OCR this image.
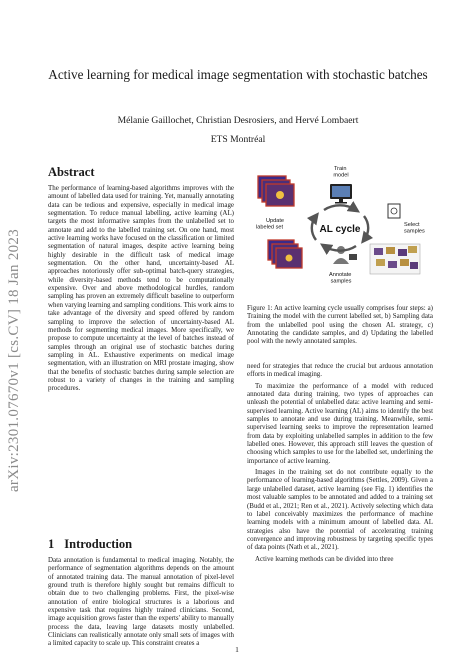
arXiv:2301.07670v1 [cs.CV] 18 Jan 2023
Active learning for medical image segmentation with stochastic batches
Mélanie Gaillochet, Christian Desrosiers, and Hervé Lombaert
ETS Montréal
Abstract

The performance of learning-based algorithms improves with the amount of labelled data used for training. Yet, manually annotating data can be tedious and expensive, especially in medical image segmentation. To reduce manual labelling, active learning (AL) targets the most informative samples from the unlabelled set to annotate and add to the labelled training set. On one hand, most active learning works have focused on the classification or limited segmentation of natural images, despite active learning being highly desirable in the difficult task of medical image segmentation. On the other hand, uncertainty-based AL approaches notoriously offer sub-optimal batch-query strategies, while diversity-based methods tend to be computationally expensive. Over and above methodological hurdles, random sampling has proven an extremely difficult baseline to outperform when varying learning and sampling conditions. This work aims to take advantage of the diversity and speed offered by random sampling to improve the selection of uncertainty-based AL methods for segmenting medical images. More specifically, we propose to compute uncertainty at the level of batches instead of samples through an original use of stochastic batches during sampling in AL. Exhaustive experiments on medical image segmentation, with an illustration on MRI prostate imaging, show that the benefits of stochastic batches during sample selection are robust to a variety of changes in the training and sampling procedures.

1 Introduction

Data annotation is fundamental to medical imaging. Notably, the performance of segmentation algorithms depends on the amount of annotated training data. The manual annotation of pixel-level ground truth is therefore highly sought but remains difficult to obtain due to two challenging problems. First, the pixel-wise annotation of entire biological structures is a laborious and expensive task that requires highly trained clinicians. Second, image acquisition grows faster than the experts' ability to manually process the data, leaving large datasets mostly unlabelled. Clinicians can realistically annotate only small sets of images with a limited capacity to scale up. This constraint creates a

Train model
Select samples
Update labeled set
Annotate samples
AL cycle

Figure 1: An active learning cycle usually comprises four steps: a) Training the model with the current labelled set, b) Sampling data from the unlabelled pool using the chosen AL strategy, c) Annotating the candidate samples, and d) Updating the labelled pool with the newly annotated samples.

need for strategies that reduce the crucial but arduous annotation efforts in medical imaging.

To maximize the performance of a model with reduced annotated data during training, two types of approaches can unleash the potential of unlabelled data: active learning and semi-supervised learning. Active learning (AL) aims to identify the best samples to annotate and use during training. Meanwhile, semi-supervised learning seeks to improve the representation learned from data by exploiting unlabelled samples in addition to the few labelled ones. However, this approach still leaves the question of choosing which samples to use for the labelled set, underlining the importance of active learning.

Images in the training set do not contribute equally to the performance of learning-based algorithms (Settles, 2009). Given a large unlabelled dataset, active learning (see Fig. 1) identifies the most valuable samples to be annotated and added to a training set (Budd et al., 2021; Ren et al., 2021). Actively selecting which data to label conceivably maximizes the performance of machine learning models with a minimum amount of labelled data. AL strategies also have the potential of accelerating training convergence and improving robustness by targeting specific types of data points (Nath et al., 2021).

Active learning methods can be divided into three

1
